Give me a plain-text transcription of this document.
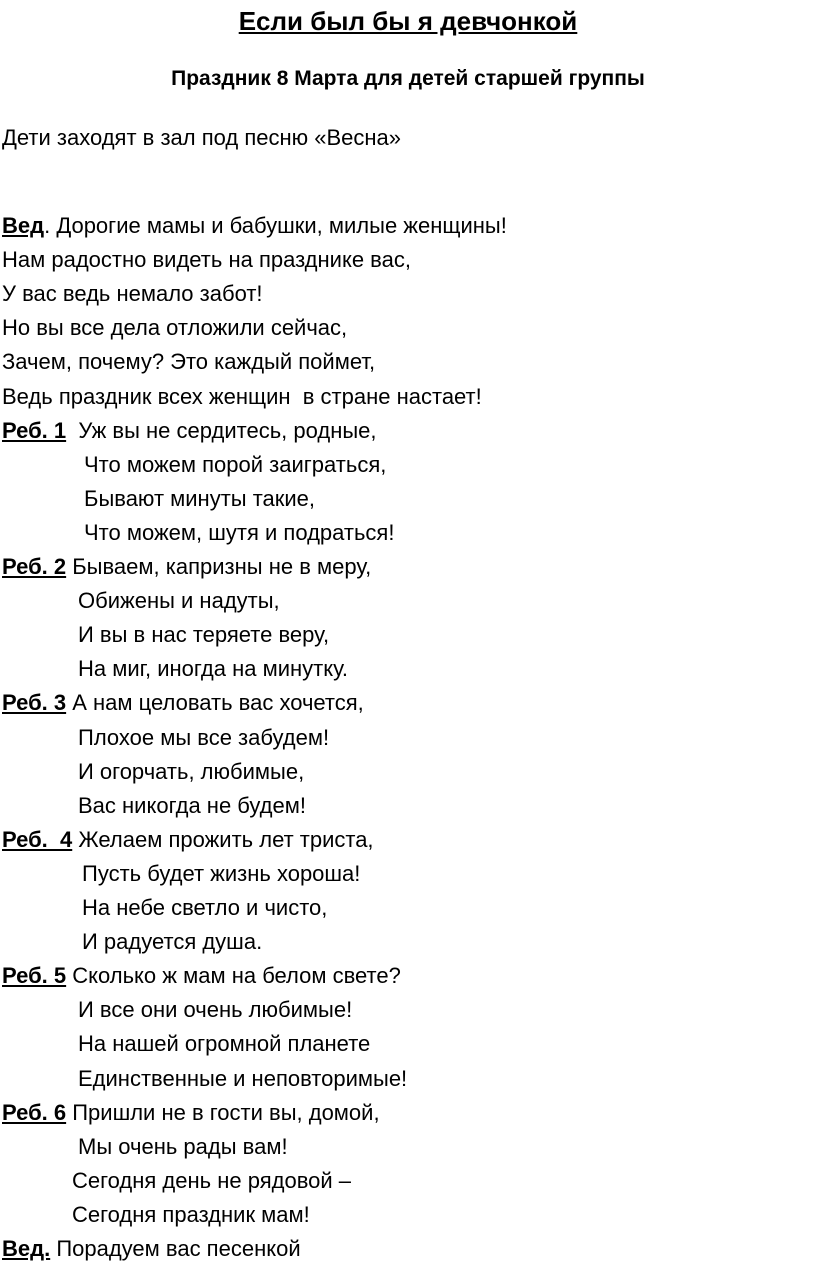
Если был бы я девчонкой
Праздник 8 Марта для детей старшей группы

Дети заходят в зал под песню «Весна»

Вед. Дорогие мамы и бабушки, милые женщины!

Нам радостно видеть на празднике вас,

У вас ведь немало забот!

Но вы все дела отложили сейчас,

Зачем, почему? Это каждый поймет,

Ведь праздник всех женщин  в стране настает!

Реб. 1  Уж вы не сердитесь, родные,

Что можем порой заиграться,

Бывают минуты такие,

Что можем, шутя и подраться!

Реб. 2 Бываем, капризны не в меру,

Обижены и надуты,

И вы в нас теряете веру,

На миг, иногда на минутку.

Реб. 3 А нам целовать вас хочется,

Плохое мы все забудем!

И огорчать, любимые,

Вас никогда не будем!

Реб.  4 Желаем прожить лет триста,

Пусть будет жизнь хороша!

На небе светло и чисто,

И радуется душа.

Реб. 5 Сколько ж мам на белом свете?

И все они очень любимые!

На нашей огромной планете

Единственные и неповторимые!

Реб. 6 Пришли не в гости вы, домой,

Мы очень рады вам!

Сегодня день не рядовой –

Сегодня праздник мам!

Вед. Порадуем вас песенкой
